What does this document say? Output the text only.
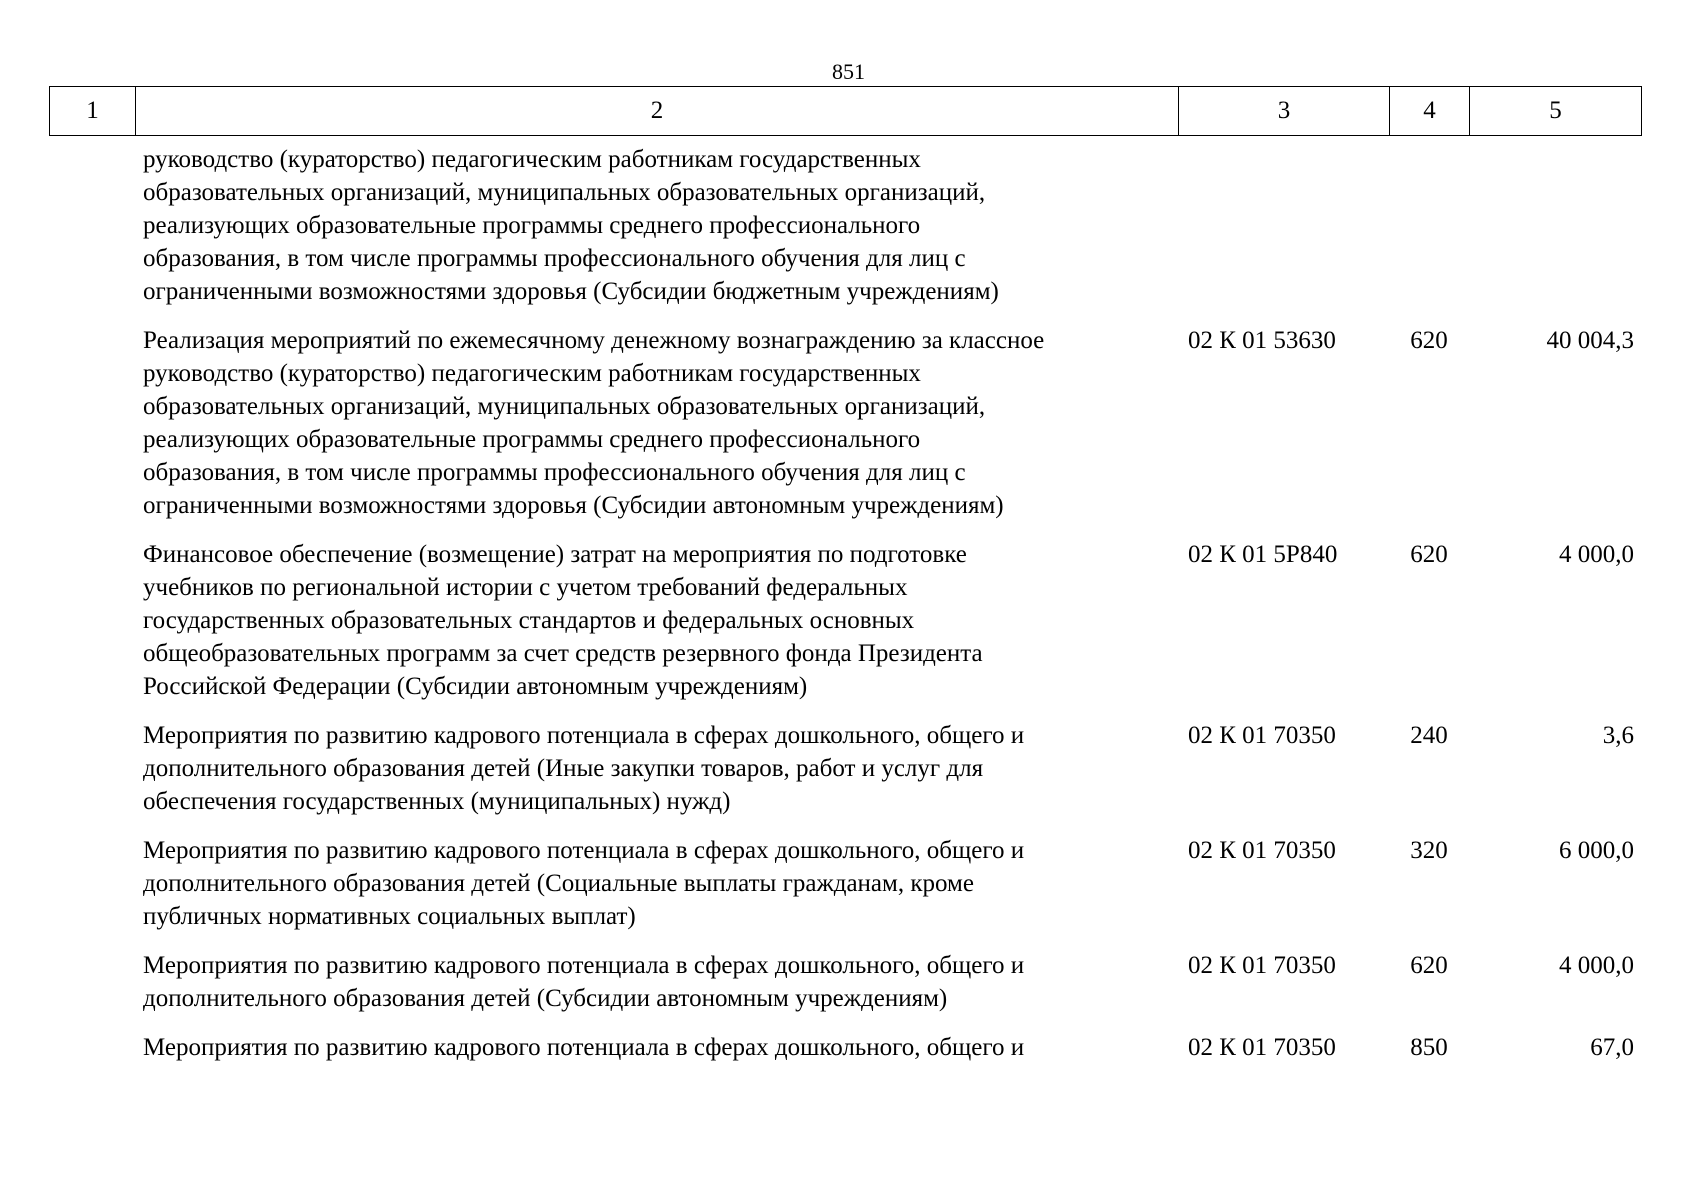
851
1	2	3	4	5
руководство (кураторство) педагогическим работникам государственных
образовательных организаций, муниципальных образовательных организаций,
реализующих образовательные программы среднего профессионального
образования, в том числе программы профессионального обучения для лиц с
ограниченными возможностями здоровья (Субсидии бюджетным учреждениям)
Реализация мероприятий по ежемесячному денежному вознаграждению за классное
руководство (кураторство) педагогическим работникам государственных
образовательных организаций, муниципальных образовательных организаций,
реализующих образовательные программы среднего профессионального
образования, в том числе программы профессионального обучения для лиц с
ограниченными возможностями здоровья (Субсидии автономным учреждениям)
02 К 01 53630	620	40 004,3
Финансовое обеспечение (возмещение) затрат на мероприятия по подготовке
учебников по региональной истории с учетом требований федеральных
государственных образовательных стандартов и федеральных основных
общеобразовательных программ за счет средств резервного фонда Президента
Российской Федерации (Субсидии автономным учреждениям)
02 К 01 5Р840	620	4 000,0
Мероприятия по развитию кадрового потенциала в сферах дошкольного, общего и
дополнительного образования детей (Иные закупки товаров, работ и услуг для
обеспечения государственных (муниципальных) нужд)
02 К 01 70350	240	3,6
Мероприятия по развитию кадрового потенциала в сферах дошкольного, общего и
дополнительного образования детей (Социальные выплаты гражданам, кроме
публичных нормативных социальных выплат)
02 К 01 70350	320	6 000,0
Мероприятия по развитию кадрового потенциала в сферах дошкольного, общего и
дополнительного образования детей (Субсидии автономным учреждениям)
02 К 01 70350	620	4 000,0
Мероприятия по развитию кадрового потенциала в сферах дошкольного, общего и	02 К 01 70350	850	67,0
